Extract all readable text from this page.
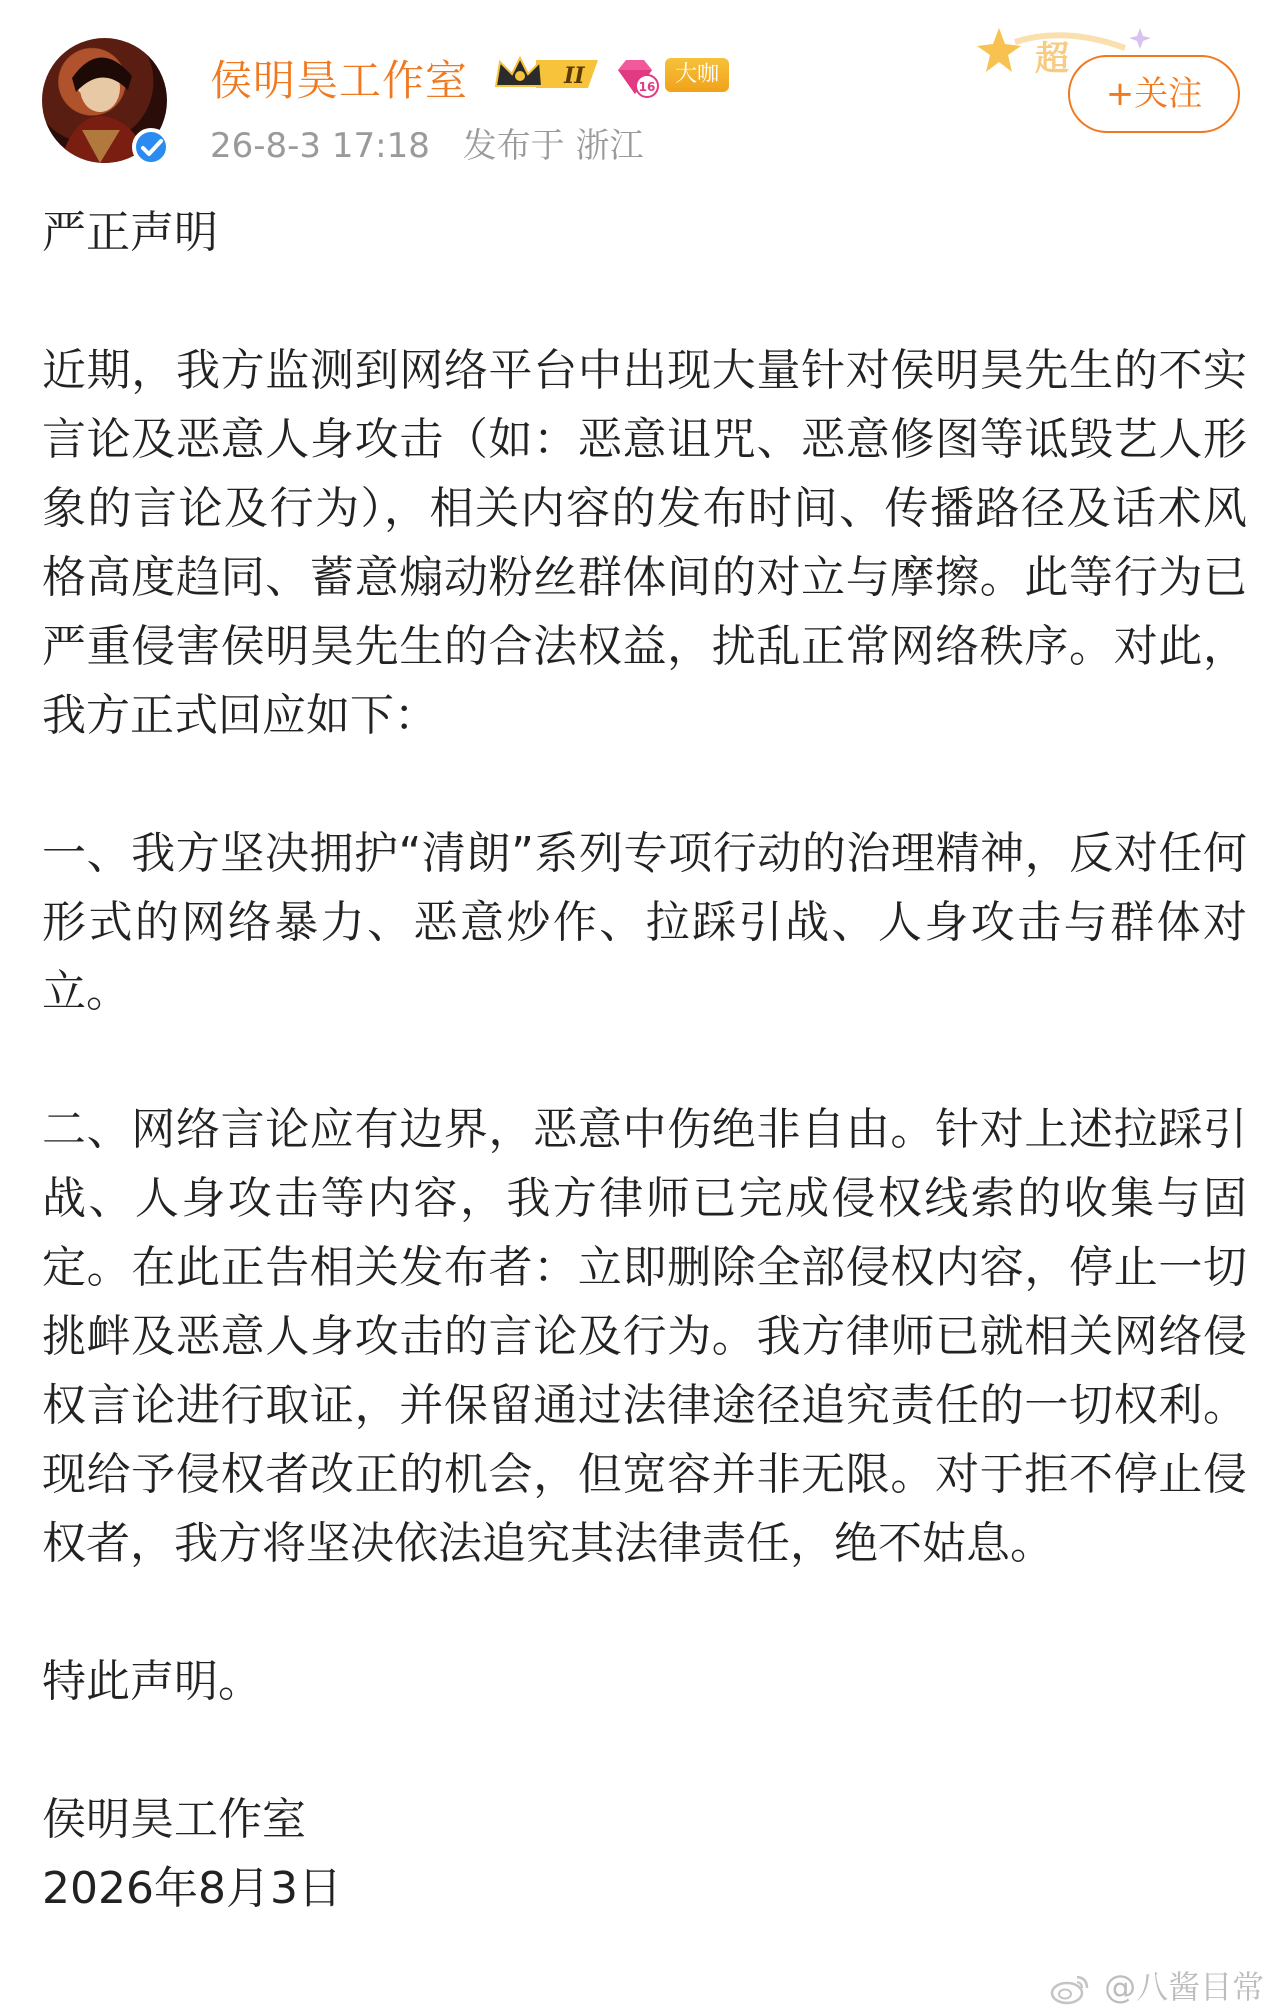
侯明昊工作室	II	16 大咖
26-8-3 17:18 发布于 浙江
超
+关注

严正声明

近期，我方监测到网络平台中出现大量针对侯明昊先生的不实言论及恶意人身攻击（如：恶意诅咒、恶意修图等诋毁艺人形象的言论及行为），相关内容的发布时间、传播路径及话术风格高度趋同、蓄意煽动粉丝群体间的对立与摩擦。此等行为已严重侵害侯明昊先生的合法权益，扰乱正常网络秩序。对此，我方正式回应如下：

一、我方坚决拥护“清朗”系列专项行动的治理精神，反对任何形式的网络暴力、恶意炒作、拉踩引战、人身攻击与群体对立。

二、网络言论应有边界，恶意中伤绝非自由。针对上述拉踩引战、人身攻击等内容，我方律师已完成侵权线索的收集与固定。在此正告相关发布者：立即删除全部侵权内容，停止一切挑衅及恶意人身攻击的言论及行为。我方律师已就相关网络侵权言论进行取证，并保留通过法律途径追究责任的一切权利。现给予侵权者改正的机会，但宽容并非无限。对于拒不停止侵权者，我方将坚决依法追究其法律责任，绝不姑息。

特此声明。

侯明昊工作室

2026年8月3日

@八酱目常
